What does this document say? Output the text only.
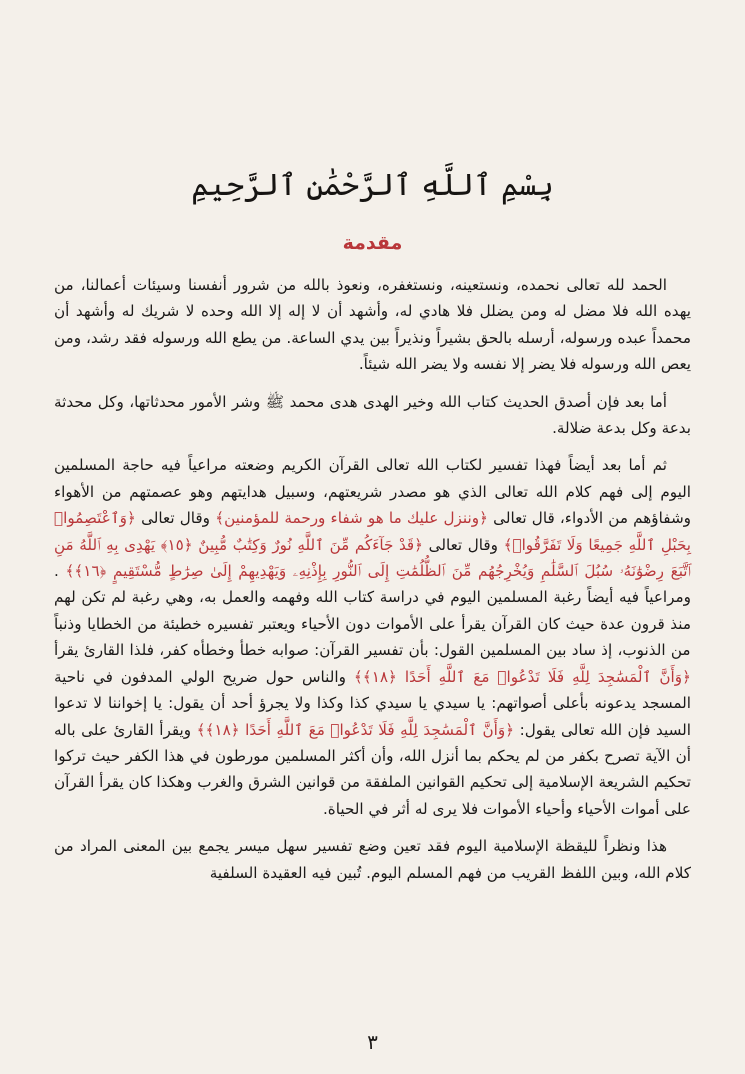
بِسْمِ ٱللَّهِ ٱلرَّحْمَٰنِ ٱلرَّحِيمِ
مقدمة

الحمد لله تعالى نحمده، ونستعينه، ونستغفره، ونعوذ بالله من شرور أنفسنا وسيئات أعمالنا، من يهده الله فلا مضل له ومن يضلل فلا هادي له، وأشهد أن لا إله إلا الله وحده لا شريك له وأشهد أن محمداً عبده ورسوله، أرسله بالحق بشيراً ونذيراً بين يدي الساعة. من يطع الله ورسوله فقد رشد، ومن يعص الله ورسوله فلا يضر إلا نفسه ولا يضر الله شيئاً.

أما بعد فإن أصدق الحديث كتاب الله وخير الهدى هدى محمد ﷺ وشر الأمور محدثاتها، وكل محدثة بدعة وكل بدعة ضلالة.

ثم أما بعد أيضاً فهذا تفسير لكتاب الله تعالى القرآن الكريم وضعته مراعياً فيه حاجة المسلمين اليوم إلى فهم كلام الله تعالى الذي هو مصدر شريعتهم، وسبيل هدايتهم وهو عصمتهم من الأهواء وشفاؤهم من الأدواء، قال تعالى ﴿وننزل عليك ما هو شفاء ورحمة للمؤمنين﴾ وقال تعالى ﴿وَٱعْتَصِمُوا۟ بِحَبْلِ ٱللَّهِ جَمِيعًا وَلَا تَفَرَّقُوا۟﴾ وقال تعالى ﴿قَدْ جَآءَكُم مِّنَ ٱللَّهِ نُورٌ وَكِتَٰبٌ مُّبِينٌ ﴿١٥﴾ يَهْدِى بِهِ ٱللَّهُ مَنِ ٱتَّبَعَ رِضْوَٰنَهُۥ سُبُلَ ٱلسَّلَٰمِ وَيُخْرِجُهُم مِّنَ ٱلظُّلُمَٰتِ إِلَى ٱلنُّورِ بِإِذْنِهِۦ وَيَهْدِيهِمْ إِلَىٰ صِرَٰطٍ مُّسْتَقِيمٍ ﴿١٦﴾﴾ . ومراعياً فيه أيضاً رغبة المسلمين اليوم في دراسة كتاب الله وفهمه والعمل به، وهي رغبة لم تكن لهم منذ قرون عدة حيث كان القرآن يقرأ على الأموات دون الأحياء ويعتبر تفسيره خطيئة من الخطايا وذنباً من الذنوب، إذ ساد بين المسلمين القول: بأن تفسير القرآن: صوابه خطأ وخطأه كفر، فلذا القارئ يقرأ ﴿وَأَنَّ ٱلْمَسَٰجِدَ لِلَّهِ فَلَا تَدْعُوا۟ مَعَ ٱللَّهِ أَحَدًا ﴿١٨﴾﴾ والناس حول ضريح الولي المدفون في ناحية المسجد يدعونه بأعلى أصواتهم: يا سيدي يا سيدي كذا وكذا ولا يجرؤ أحد أن يقول: يا إخواننا لا تدعوا السيد فإن الله تعالى يقول: ﴿وَأَنَّ ٱلْمَسَٰجِدَ لِلَّهِ فَلَا تَدْعُوا۟ مَعَ ٱللَّهِ أَحَدًا ﴿١٨﴾﴾ ويقرأ القارئ على باله أن الآية تصرح بكفر من لم يحكم بما أنزل الله، وأن أكثر المسلمين مورطون في هذا الكفر حيث تركوا تحكيم الشريعة الإسلامية إلى تحكيم القوانين الملفقة من قوانين الشرق والغرب وهكذا كان يقرأ القرآن على أموات الأحياء وأحياء الأموات فلا يرى له أثر في الحياة.

هذا ونظراً لليقظة الإسلامية اليوم فقد تعين وضع تفسير سهل ميسر يجمع بين المعنى المراد من كلام الله، وبين اللفظ القريب من فهم المسلم اليوم. تُبين فيه العقيدة السلفية

٣
